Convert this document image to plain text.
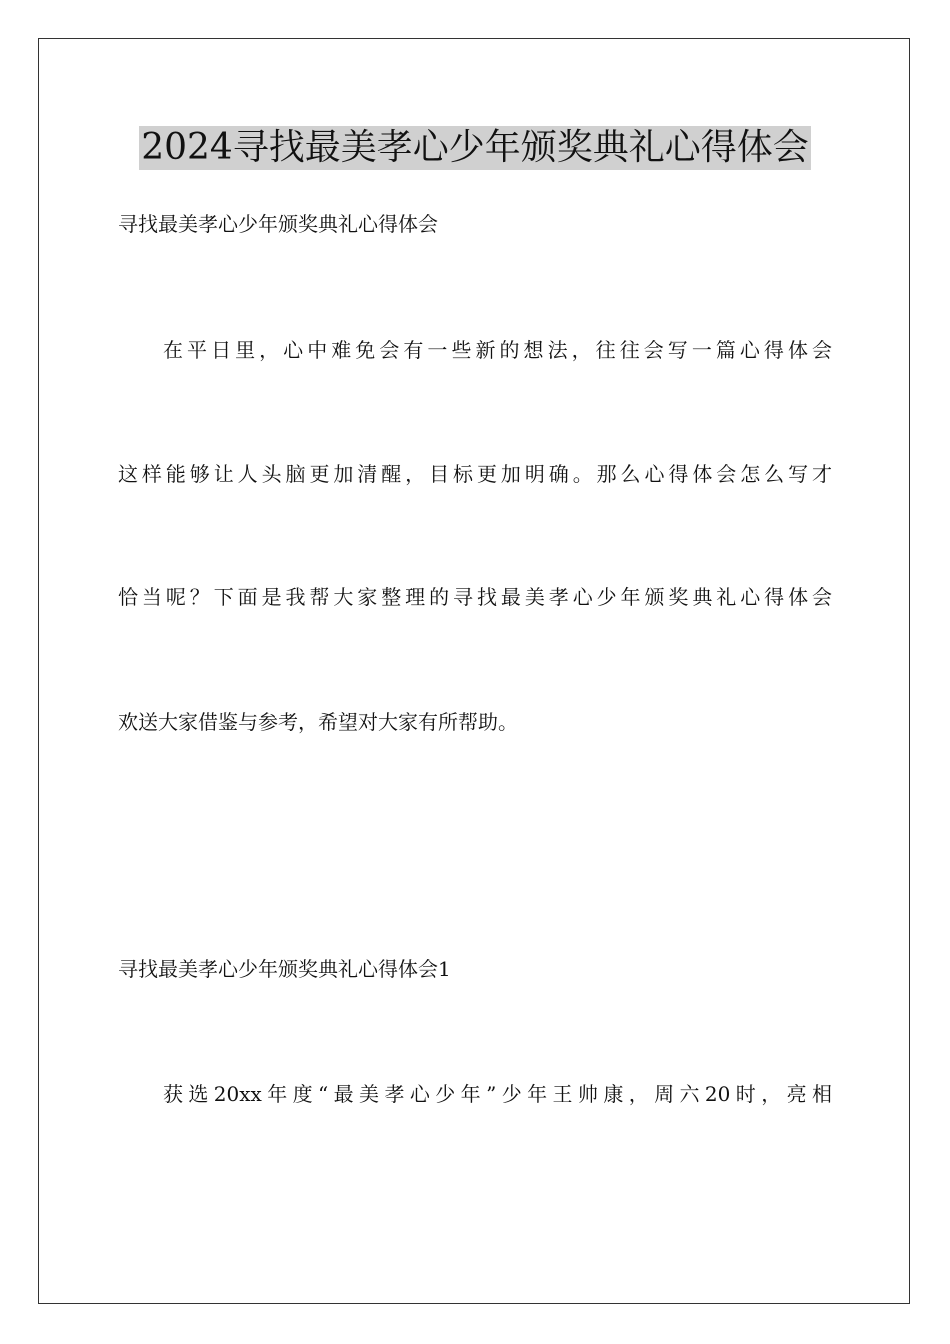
2024寻找最美孝心少年颁奖典礼心得体会
寻找最美孝心少年颁奖典礼心得体会
在平日里，心中难免会有一些新的想法，往往会写一篇心得体会
这样能够让人头脑更加清醒，目标更加明确。那么心得体会怎么写才
恰当呢？下面是我帮大家整理的寻找最美孝心少年颁奖典礼心得体会
欢送大家借鉴与参考，希望对大家有所帮助。
寻找最美孝心少年颁奖典礼心得体会1
获选20xx年度“最美孝心少年”少年王帅康，周六20时，亮相
